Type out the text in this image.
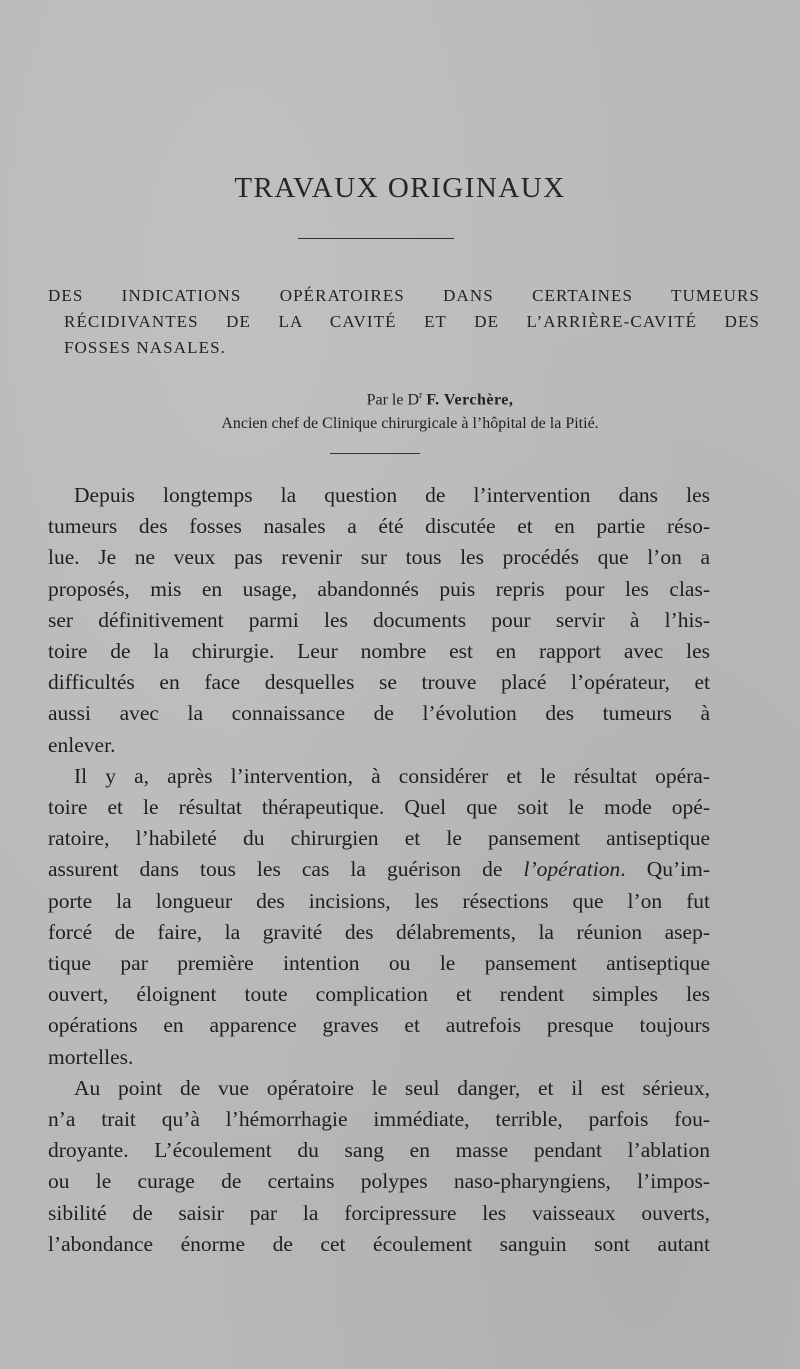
TRAVAUX ORIGINAUX
DES INDICATIONS OPÉRATOIRES DANS CERTAINES TUMEURS
RÉCIDIVANTES DE LA CAVITÉ ET DE L’ARRIÈRE-CAVITÉ DES
FOSSES NASALES.
Par le $D^r$ F. Verchère,
Ancien chef de Clinique chirurgicale à l’hôpital de la Pitié.
Depuis longtemps la question de l’intervention dans les
tumeurs des fosses nasales a été discutée et en partie réso-
lue. Je ne veux pas revenir sur tous les procédés que l’on a
proposés, mis en usage, abandonnés puis repris pour les clas-
ser définitivement parmi les documents pour servir à l’his-
toire de la chirurgie. Leur nombre est en rapport avec les
difficultés en face desquelles se trouve placé l’opérateur, et
aussi avec la connaissance de l’évolution des tumeurs à
enlever.
Il y a, après l’intervention, à considérer et le résultat opéra-
toire et le résultat thérapeutique. Quel que soit le mode opé-
ratoire, l’habileté du chirurgien et le pansement antiseptique
assurent dans tous les cas la guérison de l’opération. Qu’im-
porte la longueur des incisions, les résections que l’on fut
forcé de faire, la gravité des délabrements, la réunion asep-
tique par première intention ou le pansement antiseptique
ouvert, éloignent toute complication et rendent simples les
opérations en apparence graves et autrefois presque toujours
mortelles.
Au point de vue opératoire le seul danger, et il est sérieux,
n’a trait qu’à l’hémorrhagie immédiate, terrible, parfois fou-
droyante. L’écoulement du sang en masse pendant l’ablation
ou le curage de certains polypes naso-pharyngiens, l’impos-
sibilité de saisir par la forcipressure les vaisseaux ouverts,
l’abondance énorme de cet écoulement sanguin sont autant
